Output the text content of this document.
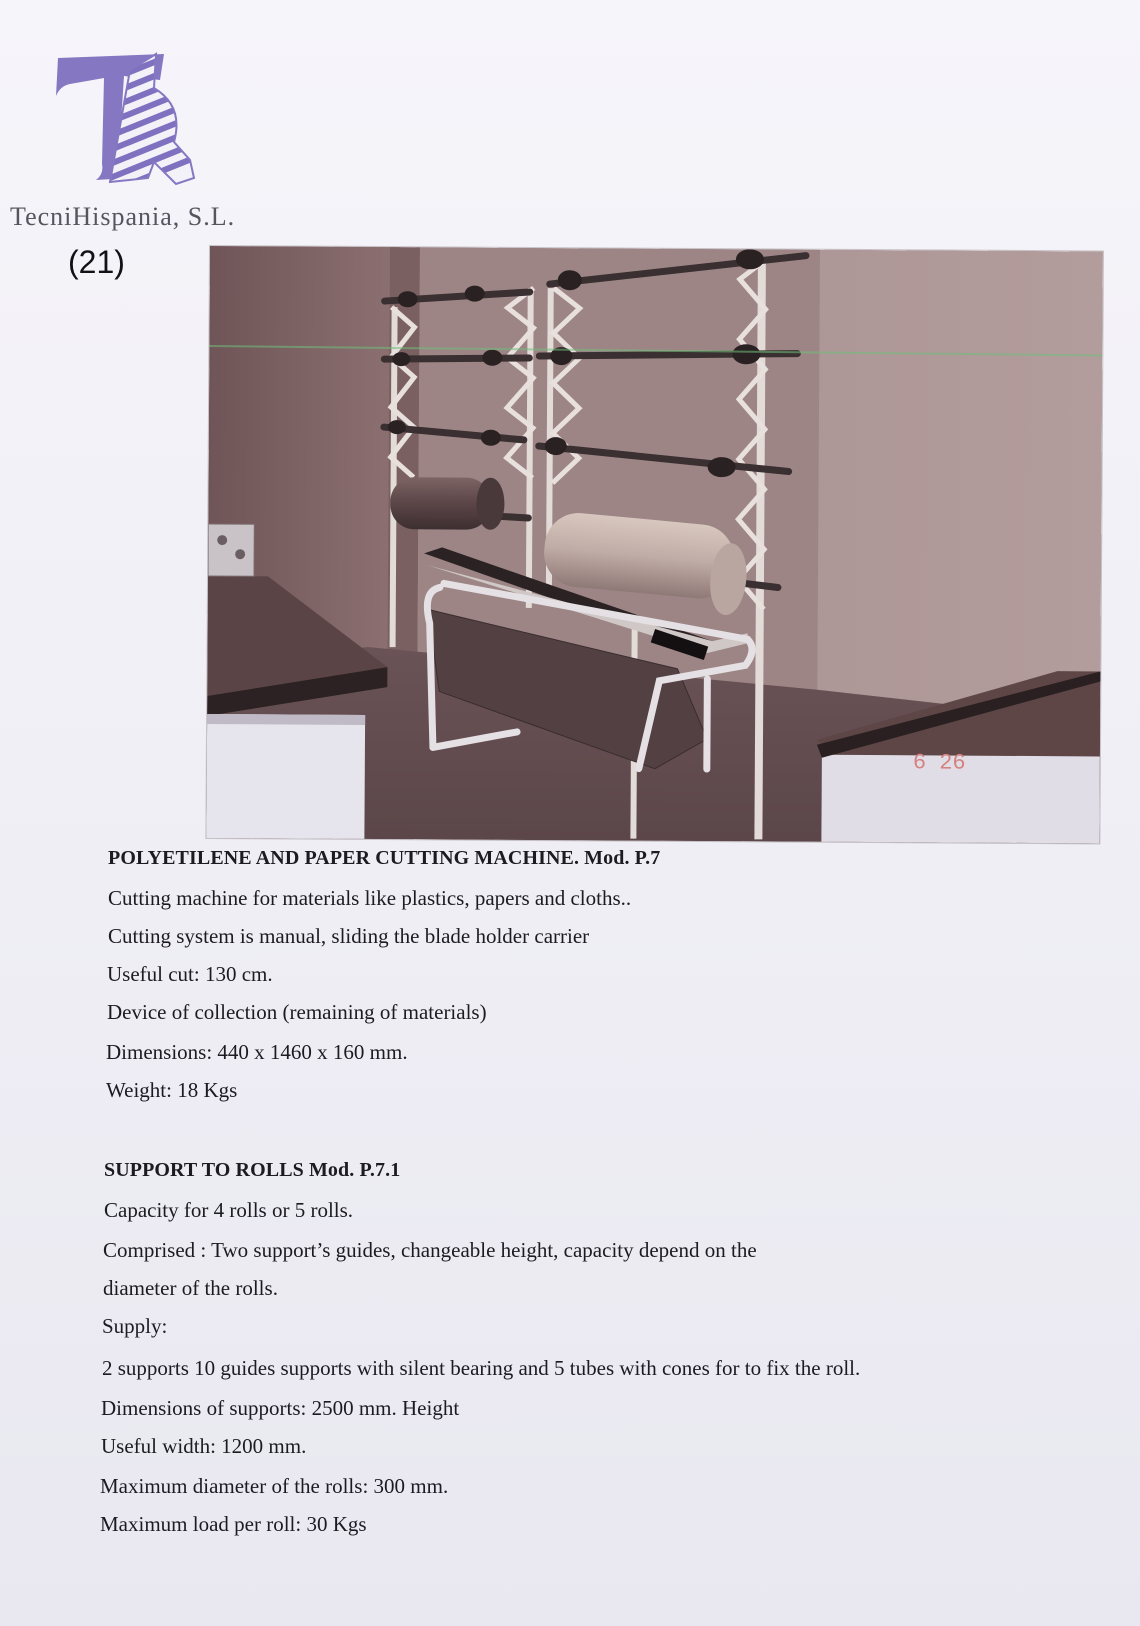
TecniHispania, S.L.
(21)
6 26
POLYETILENE AND PAPER CUTTING MACHINE. Mod. P.7
Cutting machine for materials like plastics, papers and cloths..
Cutting system is manual, sliding the blade holder carrier
Useful cut: 130 cm.
Device of collection (remaining of materials)
Dimensions: 440 x 1460 x 160 mm.
Weight: 18 Kgs
SUPPORT TO ROLLS Mod. P.7.1
Capacity for 4 rolls or 5 rolls.
Comprised : Two support’s guides, changeable height, capacity depend on the
diameter of the rolls.
Supply:
2 supports 10 guides supports with silent bearing and 5 tubes with cones for to fix the roll.
Dimensions of supports: 2500 mm. Height
Useful width: 1200 mm.
Maximum diameter of the rolls: 300 mm.
Maximum load per roll: 30 Kgs
